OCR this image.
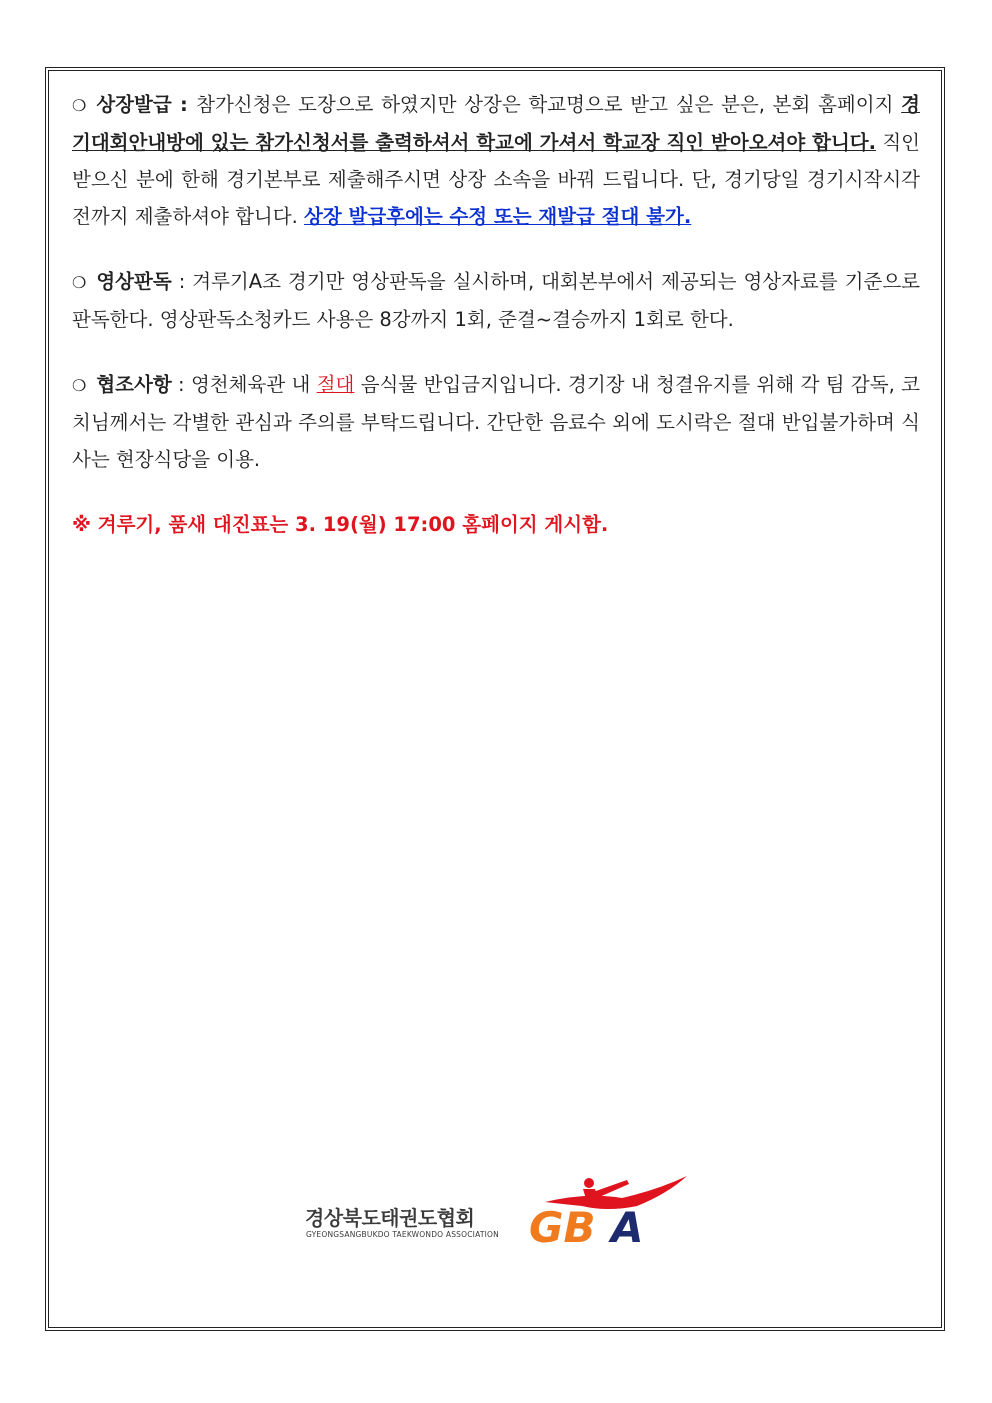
❍ 상장발급 : 참가신청은 도장으로 하였지만 상장은 학교명으로 받고 싶은 분은, 본회 홈페이지 경기대회안내방에 있는 참가신청서를 출력하셔서 학교에 가셔서 학교장 직인 받아오셔야 합니다. 직인 받으신 분에 한해 경기본부로 제출해주시면 상장 소속을 바꿔 드립니다. 단, 경기당일 경기시작시각 전까지 제출하셔야 합니다. 상장 발급후에는 수정 또는 재발급 절대 불가.

❍ 영상판독 : 겨루기A조 경기만 영상판독을 실시하며, 대회본부에서 제공되는 영상자료를 기준으로 판독한다. 영상판독소청카드 사용은 8강까지 1회, 준결~결승까지 1회로 한다.

❍ 협조사항 : 영천체육관 내 절대 음식물 반입금지입니다. 경기장 내 청결유지를 위해 각 팀 감독, 코치님께서는 각별한 관심과 주의를 부탁드립니다. 간단한 음료수 외에 도시락은 절대 반입불가하며 식사는 현장식당을 이용.

※ 겨루기, 품새 대진표는 3. 19(월) 17:00 홈페이지 게시함.
경상북도태권도협회
GYEONGSANGBUKDO TAEKWONDO ASSOCIATION GB A
